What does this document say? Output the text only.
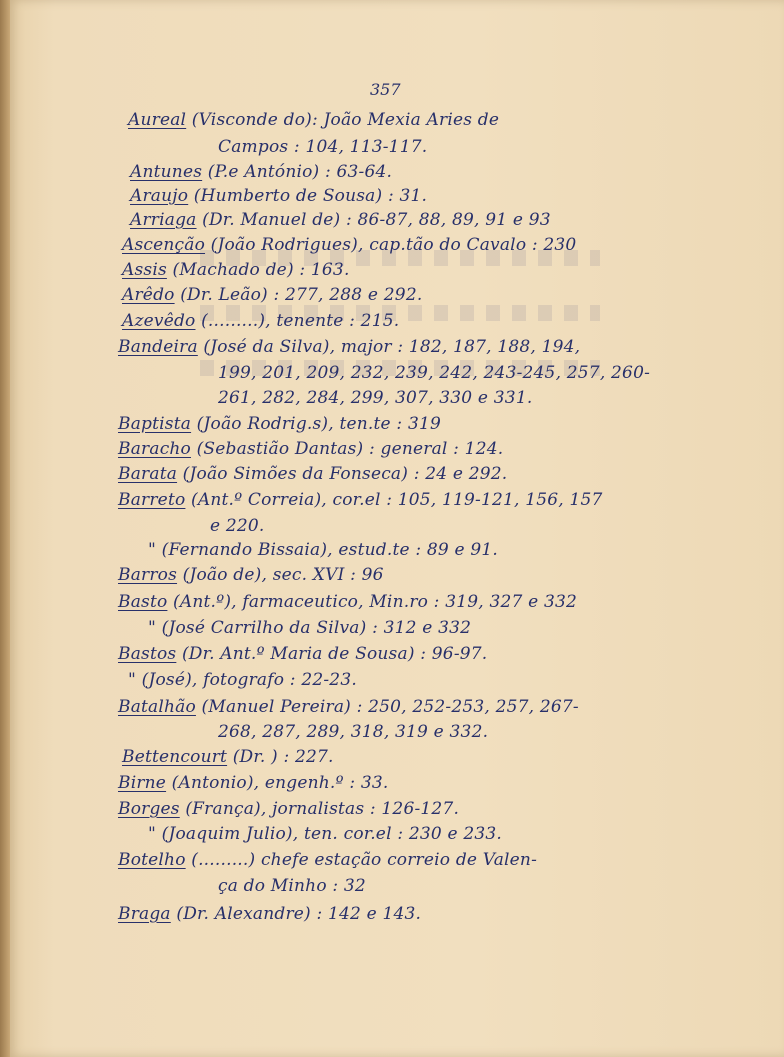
357
Aureal (Visconde do): João Mexia Aries de
Campos : 104, 113-117.
Antunes (P.e António) : 63-64.
Araujo (Humberto de Sousa) : 31.
Arriaga (Dr. Manuel de) : 86-87, 88, 89, 91 e 93
Ascenção (João Rodrigues), cap.tão do Cavalo : 230
Assis (Machado de) : 163.
Arêdo (Dr. Leão) : 277, 288 e 292.
Azevêdo (.........), tenente : 215.
Bandeira (José da Silva), major : 182, 187, 188, 194,
199, 201, 209, 232, 239, 242, 243-245, 257, 260-
261, 282, 284, 299, 307, 330 e 331.
Baptista (João Rodrig.s), ten.te : 319
Baracho (Sebastião Dantas) : general : 124.
Barata (João Simões da Fonseca) : 24 e 292.
Barreto (Ant.º Correia), cor.el : 105, 119-121, 156, 157
e 220.
" (Fernando Bissaia), estud.te : 89 e 91.
Barros (João de), sec. XVI : 96
Basto (Ant.º), farmaceutico, Min.ro : 319, 327 e 332
" (José Carrilho da Silva) : 312 e 332
Bastos (Dr. Ant.º Maria de Sousa) : 96-97.
" (José), fotografo : 22-23.
Batalhão (Manuel Pereira) : 250, 252-253, 257, 267-
268, 287, 289, 318, 319 e 332.
Bettencourt (Dr. ) : 227.
Birne (Antonio), engenh.º : 33.
Borges (França), jornalistas : 126-127.
" (Joaquim Julio), ten. cor.el : 230 e 233.
Botelho (.........) chefe estação correio de Valen-
ça do Minho : 32
Braga (Dr. Alexandre) : 142 e 143.
